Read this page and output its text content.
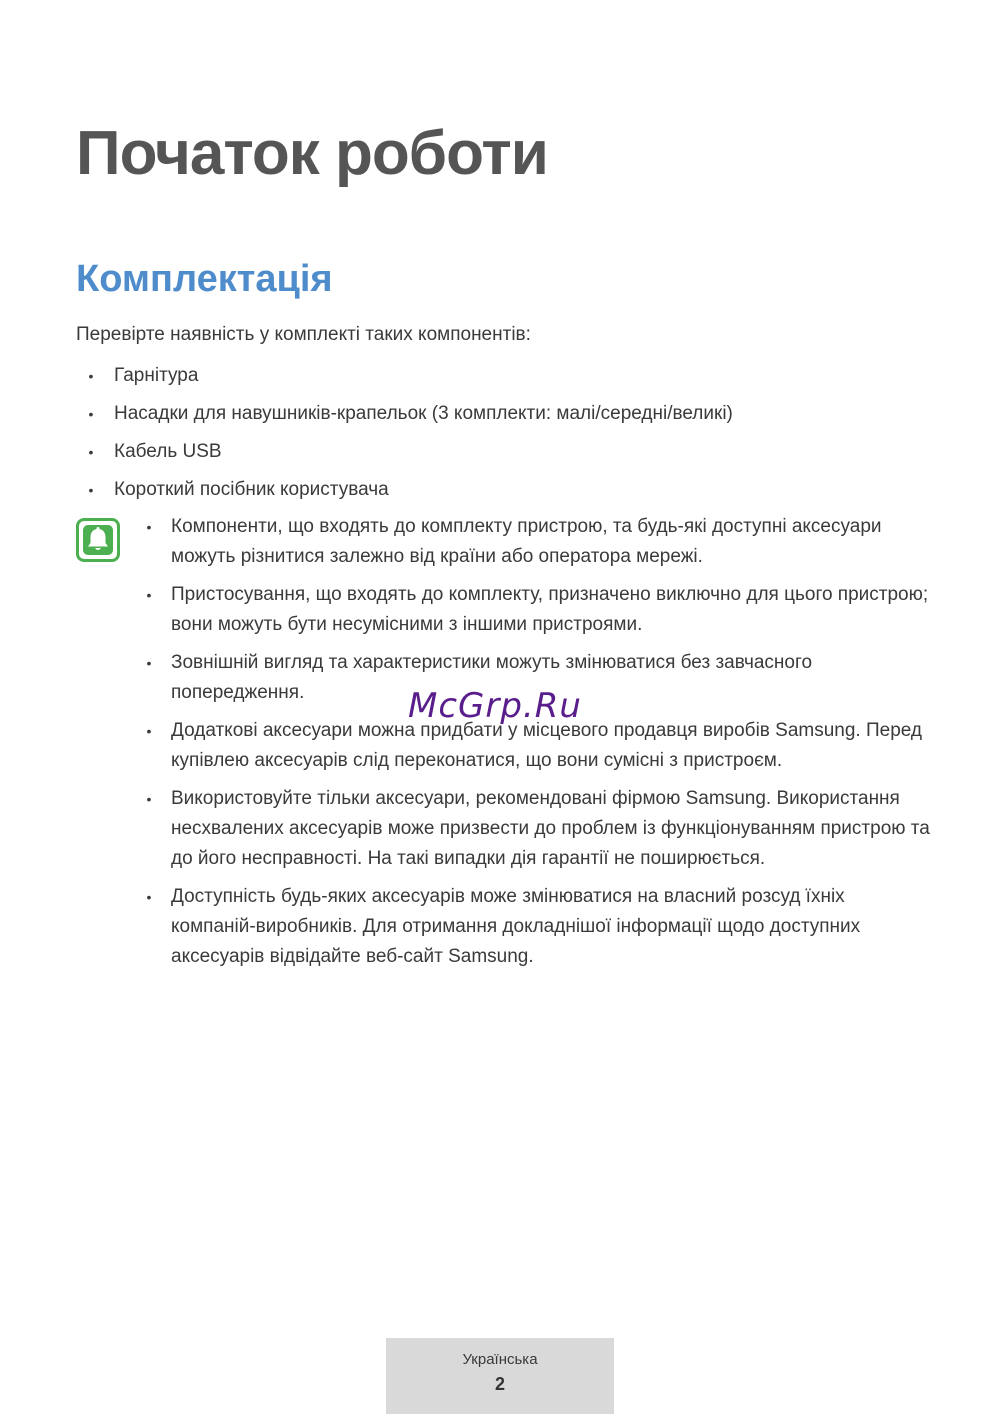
Початок роботи
Комплектація

Перевірте наявність у комплекті таких компонентів:

• Гарнітура
• Насадки для навушників-крапельок (3 комплекти: малі/середні/великі)
• Кабель USB
• Короткий посібник користувача
• Компоненти, що входять до комплекту пристрою, та будь-які доступні аксесуари можуть різнитися залежно від країни або оператора мережі.
• Пристосування, що входять до комплекту, призначено виключно для цього пристрою; вони можуть бути несумісними з іншими пристроями.
• Зовнішній вигляд та характеристики можуть змінюватися без завчасного попередження.
• Додаткові аксесуари можна придбати у місцевого продавця виробів Samsung. Перед купівлею аксесуарів слід переконатися, що вони сумісні з пристроєм.
• Використовуйте тільки аксесуари, рекомендовані фірмою Samsung. Використання несхвалених аксесуарів може призвести до проблем із функціонуванням пристрою та до його несправності. На такі випадки дія гарантії не поширюється.
• Доступність будь-яких аксесуарів може змінюватися на власний розсуд їхніх компаній-виробників. Для отримання докладнішої інформації щодо доступних аксесуарів відвідайте веб-сайт Samsung.
McGrp.Ru
Українська
2
